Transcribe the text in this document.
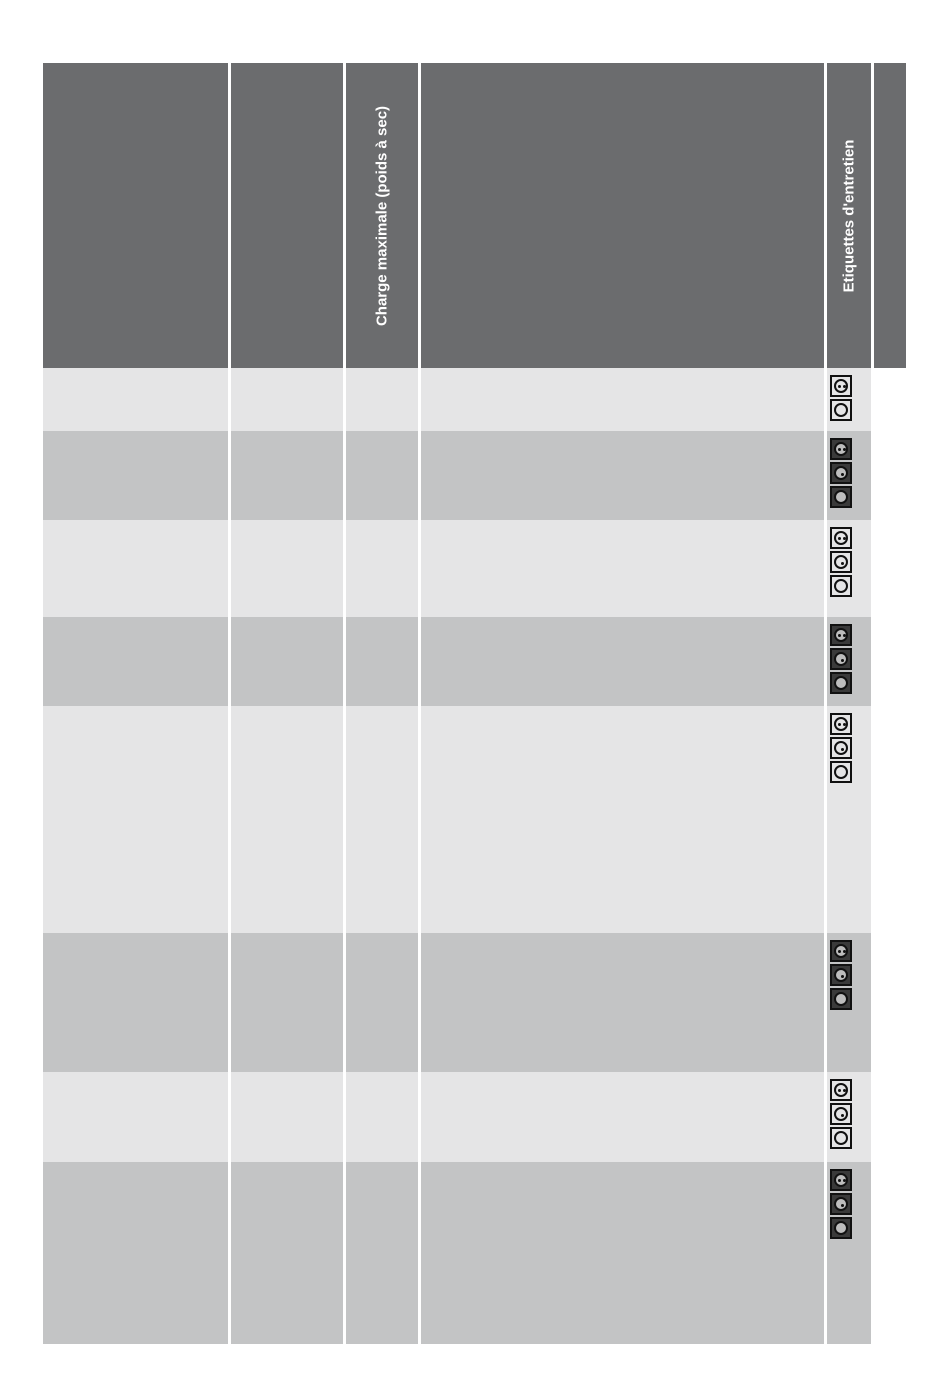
Charge maximale (poids à sec)	Etiquettes d'entretien
